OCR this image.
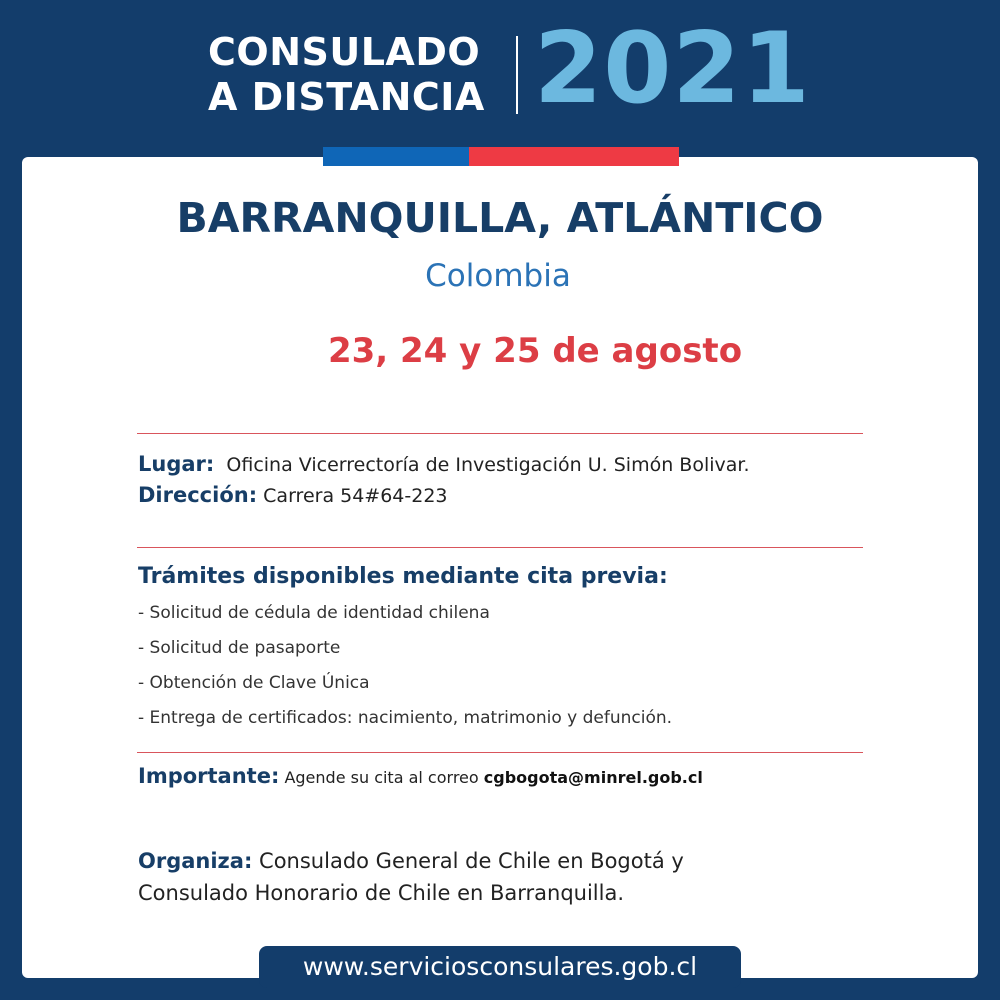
CONSULADO
A DISTANCIA 2021
BARRANQUILLA, ATLÁNTICO
Colombia
23, 24 y 25 de agosto
Lugar: Oficina Vicerrectoría de Investigación U. Simón Bolivar.
Dirección: Carrera 54#64-223
Trámites disponibles mediante cita previa:
- Solicitud de cédula de identidad chilena
- Solicitud de pasaporte
- Obtención de Clave Única
- Entrega de certificados: nacimiento, matrimonio y defunción.
Importante: Agende su cita al correo cgbogota@minrel.gob.cl
Organiza: Consulado General de Chile en Bogotá y
Consulado Honorario de Chile en Barranquilla.
www.serviciosconsulares.gob.cl
